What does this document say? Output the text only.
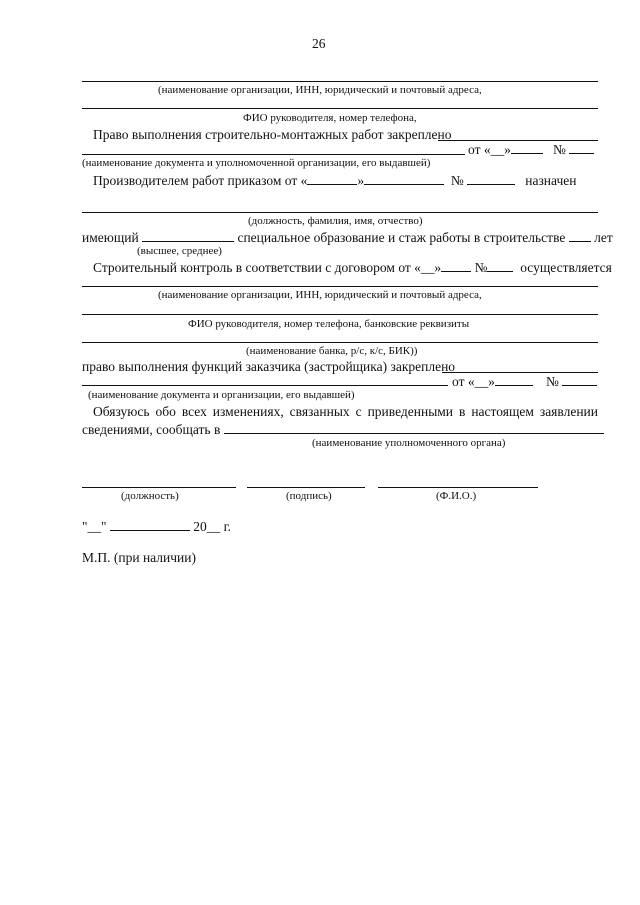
26
(наименование организации, ИНН, юридический и почтовый адреса,
ФИО руководителя, номер телефона,
Право выполнения строительно-монтажных работ закреплено
от «__»	№
(наименование документа и уполномоченной организации, его выдавшей)
Производителем работ приказом от «	»	№	назначен
(должность, фамилия, имя, отчество)
имеющий	специальное образование и стаж работы в строительстве лет
(высшее, среднее)
Строительный контроль в соответствии с договором от «__» № осуществляется
(наименование организации, ИНН, юридический и почтовый адреса,
ФИО руководителя, номер телефона, банковские реквизиты
(наименование банка, р/с, к/с, БИК))
право выполнения функций заказчика (застройщика) закреплено
от «__»	№
(наименование документа и организации, его выдавшей)
Обязуюсь обо всех изменениях, связанных с приведенными в настоящем заявлении
сведениями, сообщать в
(наименование уполномоченного органа)
(должность)	(подпись)	(Ф.И.О.)
"__"	20__ г.
М.П. (при наличии)
